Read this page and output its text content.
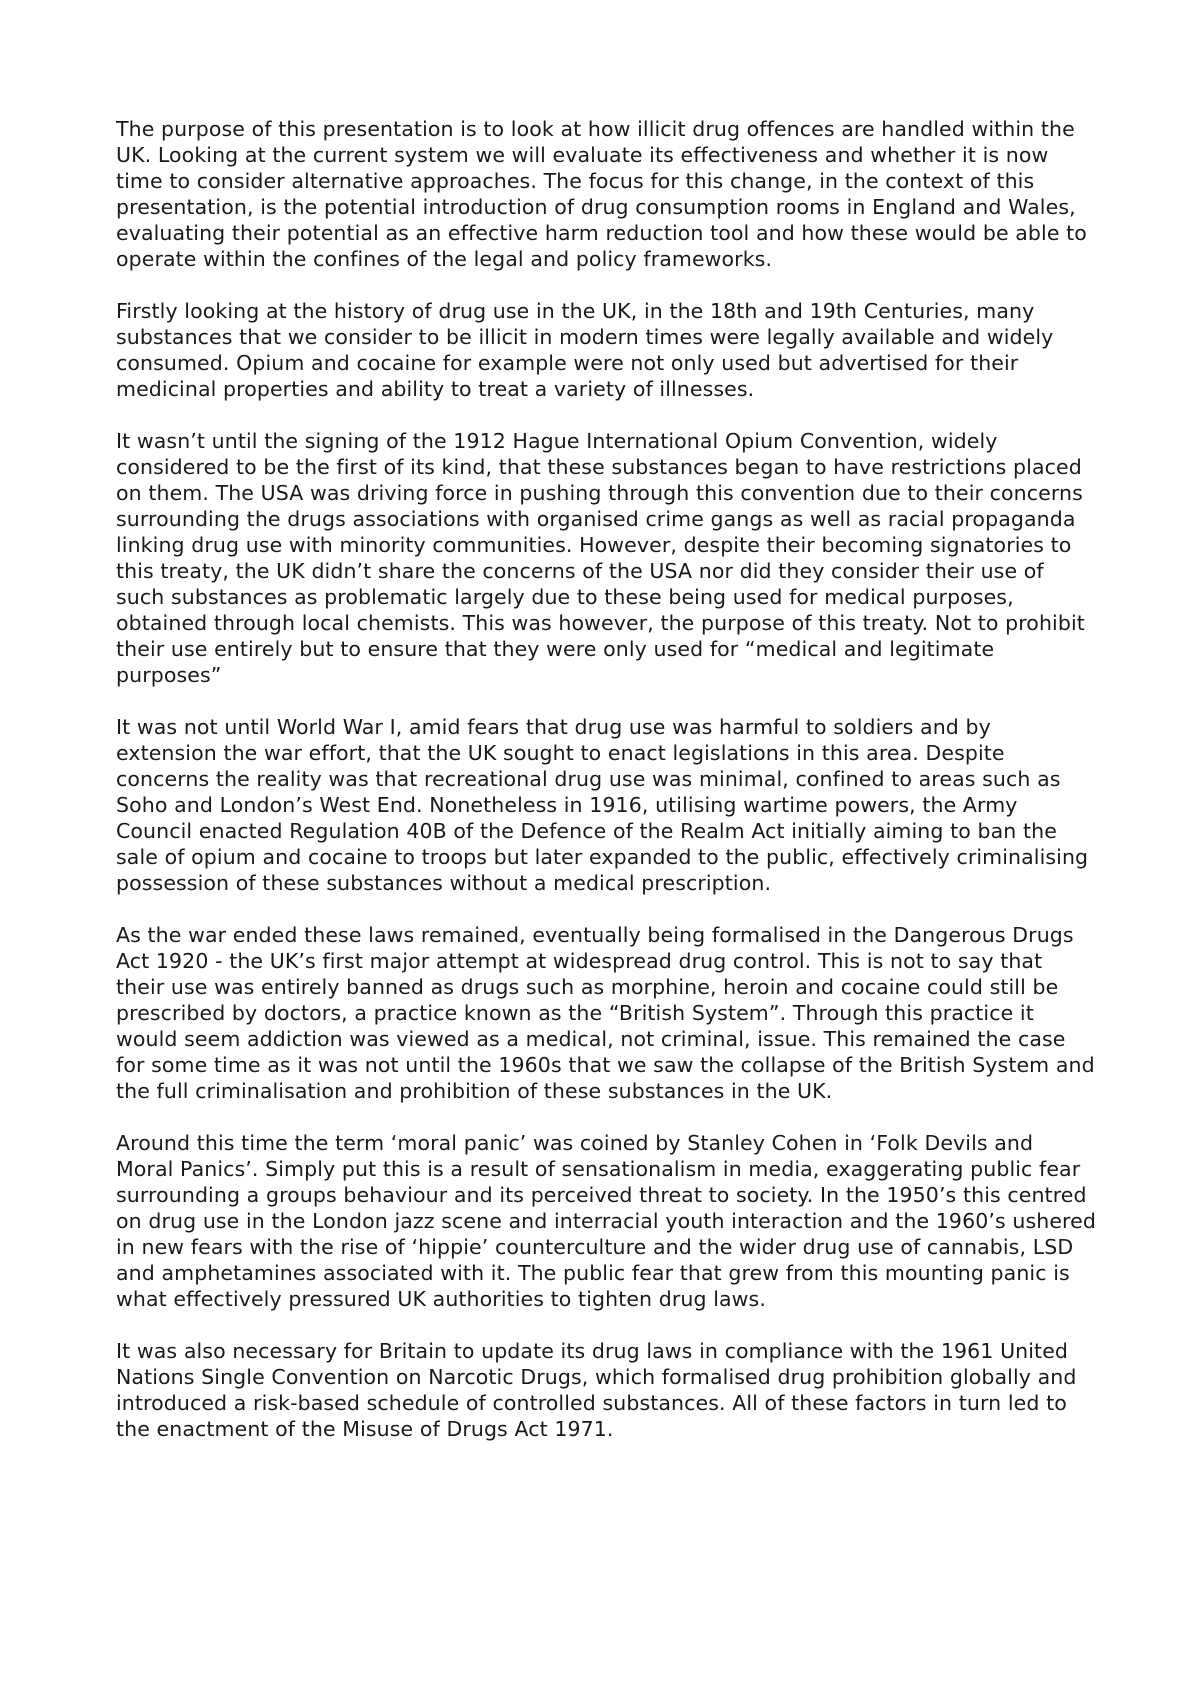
The purpose of this presentation is to look at how illicit drug offences are handled within the UK. Looking at the current system we will evaluate its effectiveness and whether it is now time to consider alternative approaches. The focus for this change, in the context of this presentation, is the potential introduction of drug consumption rooms in England and Wales, evaluating their potential as an effective harm reduction tool and how these would be able to operate within the confines of the legal and policy frameworks.

Firstly looking at the history of drug use in the UK, in the 18th and 19th Centuries, many substances that we consider to be illicit in modern times were legally available and widely consumed. Opium and cocaine for example were not only used but advertised for their medicinal properties and ability to treat a variety of illnesses.

It wasn’t until the signing of the 1912 Hague International Opium Convention, widely considered to be the first of its kind, that these substances began to have restrictions placed on them. The USA was driving force in pushing through this convention due to their concerns surrounding the drugs associations with organised crime gangs as well as racial propaganda linking drug use with minority communities. However, despite their becoming signatories to this treaty, the UK didn’t share the concerns of the USA nor did they consider their use of such substances as problematic largely due to these being used for medical purposes, obtained through local chemists. This was however, the purpose of this treaty. Not to prohibit their use entirely but to ensure that they were only used for “medical and legitimate purposes”

It was not until World War I, amid fears that drug use was harmful to soldiers and by extension the war effort, that the UK sought to enact legislations in this area. Despite concerns the reality was that recreational drug use was minimal, confined to areas such as Soho and London’s West End. Nonetheless in 1916, utilising wartime powers, the Army Council enacted Regulation 40B of the Defence of the Realm Act initially aiming to ban the sale of opium and cocaine to troops but later expanded to the public, effectively criminalising possession of these substances without a medical prescription.

As the war ended these laws remained, eventually being formalised in the Dangerous Drugs Act 1920 - the UK’s first major attempt at widespread drug control. This is not to say that their use was entirely banned as drugs such as morphine, heroin and cocaine could still be prescribed by doctors, a practice known as the “British System”. Through this practice it would seem addiction was viewed as a medical, not criminal, issue. This remained the case for some time as it was not until the 1960s that we saw the collapse of the British System and the full criminalisation and prohibition of these substances in the UK.

Around this time the term ‘moral panic’ was coined by Stanley Cohen in ‘Folk Devils and Moral Panics’. Simply put this is a result of sensationalism in media, exaggerating public fear surrounding a groups behaviour and its perceived threat to society. In the 1950’s this centred on drug use in the London jazz scene and interracial youth interaction and the 1960’s ushered in new fears with the rise of ‘hippie’ counterculture and the wider drug use of cannabis, LSD and amphetamines associated with it. The public fear that grew from this mounting panic is what effectively pressured UK authorities to tighten drug laws.

It was also necessary for Britain to update its drug laws in compliance with the 1961 United Nations Single Convention on Narcotic Drugs, which formalised drug prohibition globally and introduced a risk-based schedule of controlled substances. All of these factors in turn led to the enactment of the Misuse of Drugs Act 1971.
